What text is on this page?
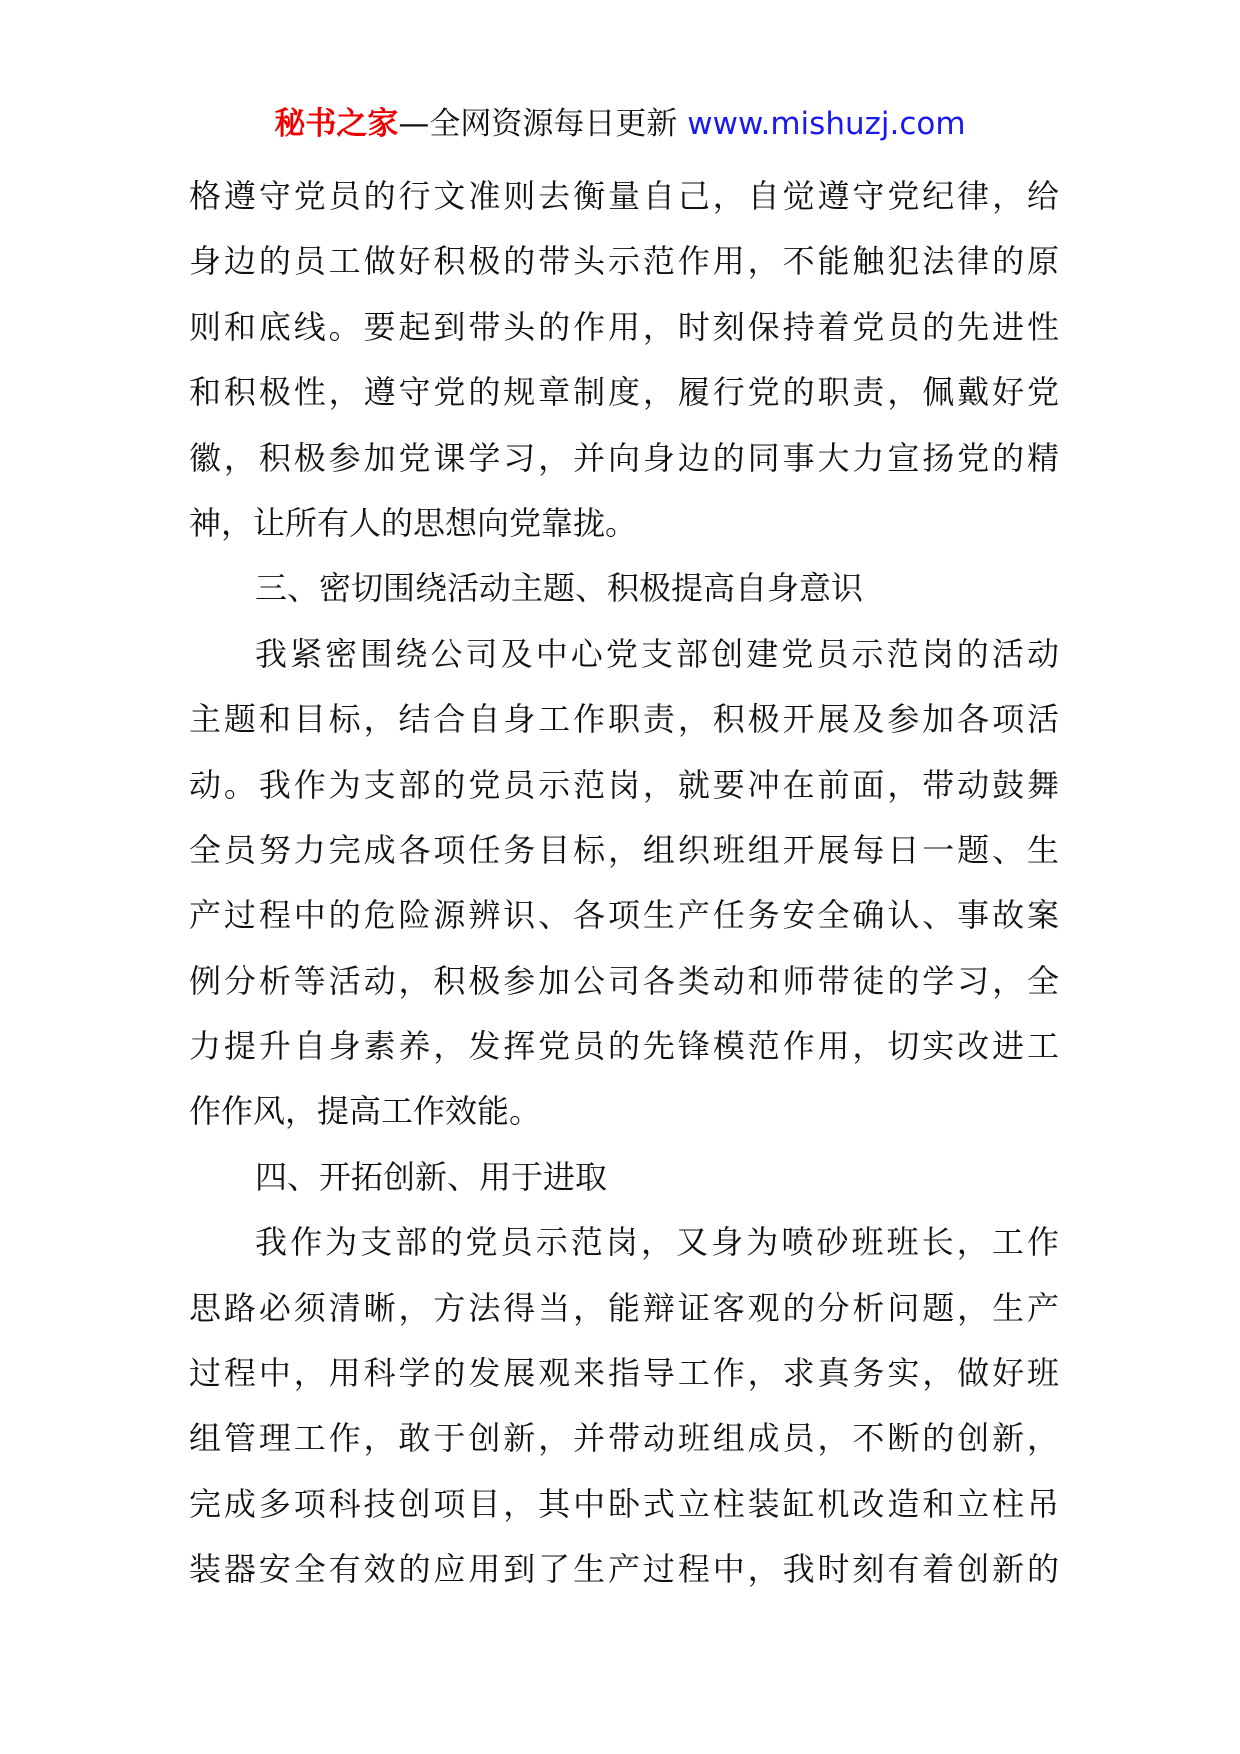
秘书之家—全网资源每日更新 www.mishuzj.com
格遵守党员的行文准则去衡量自己，自觉遵守党纪律，给
身边的员工做好积极的带头示范作用，不能触犯法律的原
则和底线。要起到带头的作用，时刻保持着党员的先进性
和积极性，遵守党的规章制度，履行党的职责，佩戴好党
徽，积极参加党课学习，并向身边的同事大力宣扬党的精
神，让所有人的思想向党靠拢。
三、密切围绕活动主题、积极提高自身意识
我紧密围绕公司及中心党支部创建党员示范岗的活动
主题和目标，结合自身工作职责，积极开展及参加各项活
动。我作为支部的党员示范岗，就要冲在前面，带动鼓舞
全员努力完成各项任务目标，组织班组开展每日一题、生
产过程中的危险源辨识、各项生产任务安全确认、事故案
例分析等活动，积极参加公司各类动和师带徒的学习，全
力提升自身素养，发挥党员的先锋模范作用，切实改进工
作作风，提高工作效能。
四、开拓创新、用于进取
我作为支部的党员示范岗，又身为喷砂班班长，工作
思路必须清晰，方法得当，能辩证客观的分析问题，生产
过程中，用科学的发展观来指导工作，求真务实，做好班
组管理工作，敢于创新，并带动班组成员，不断的创新，
完成多项科技创项目，其中卧式立柱装缸机改造和立柱吊
装器安全有效的应用到了生产过程中，我时刻有着创新的
